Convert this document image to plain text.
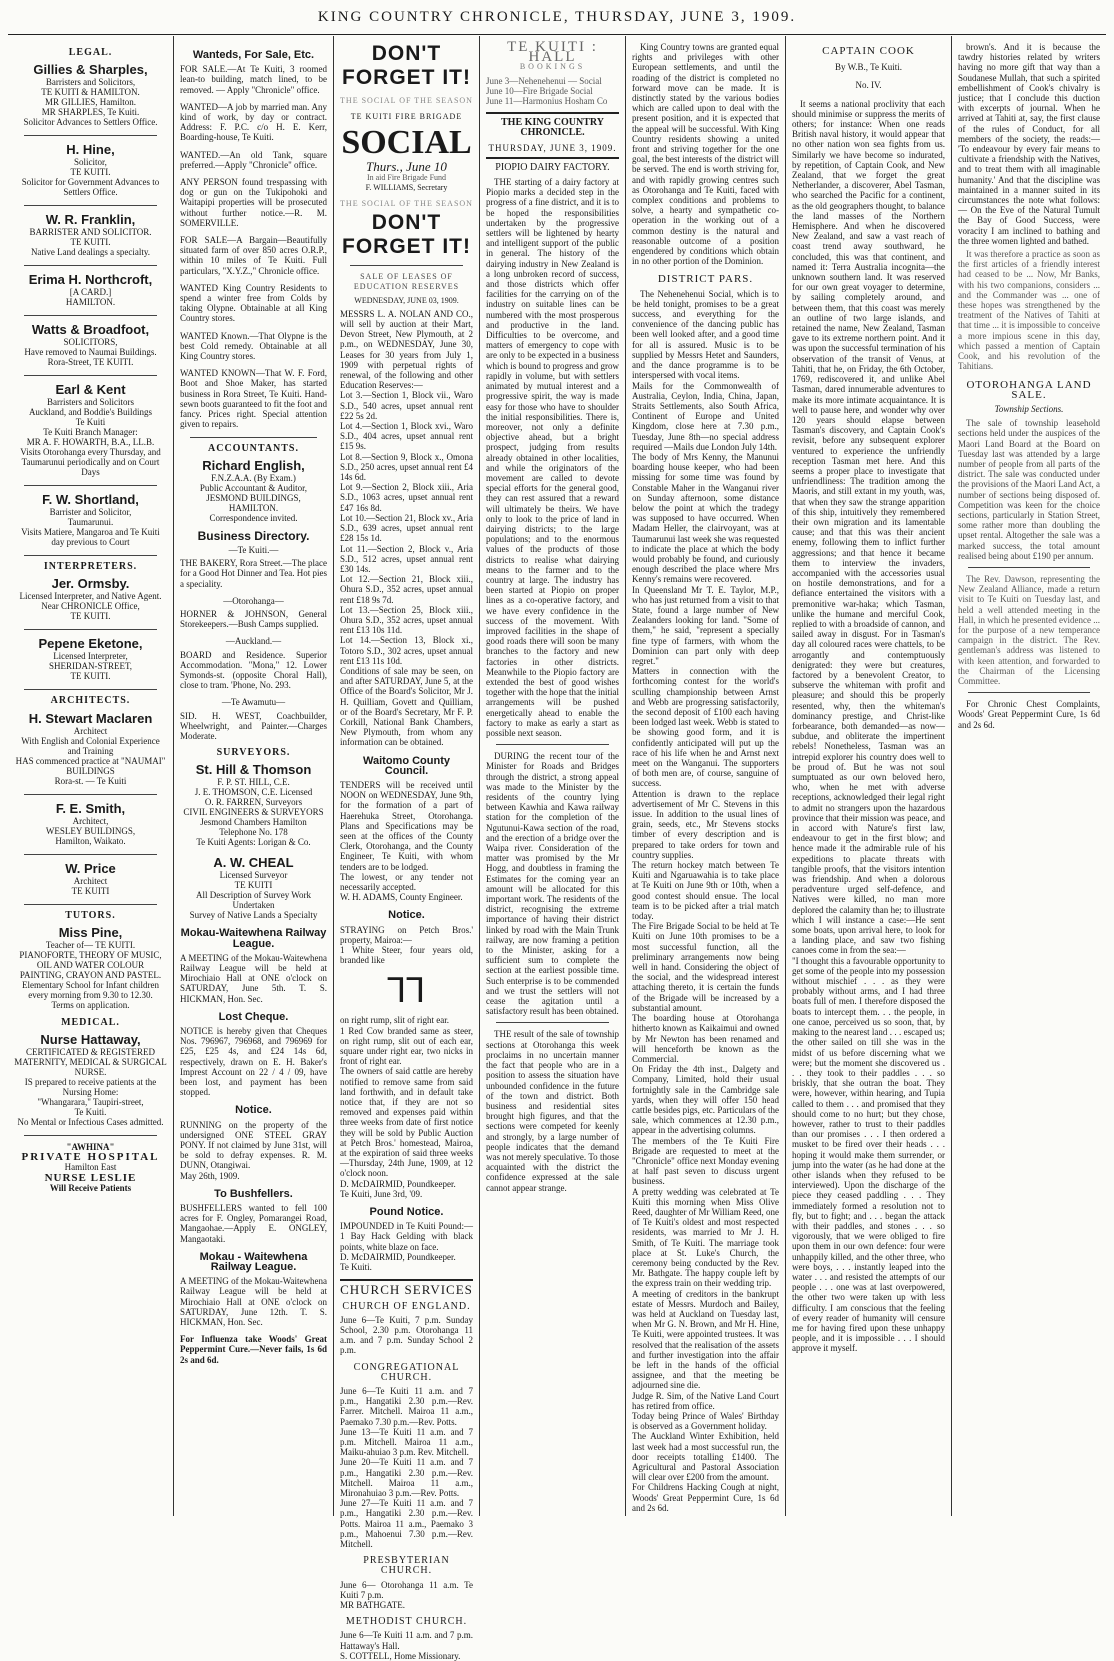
KING COUNTRY CHRONICLE, THURSDAY, JUNE 3, 1909.
LEGAL.
Gillies & Sharples,
Barristers and Solicitors,
TE KUITI & HAMILTON.
MR GILLIES, Hamilton.
MR SHARPLES, Te Kuiti.
Solicitor Advances to Settlers Office.
H. Hine,
Solicitor,
TE KUITI.
Solicitor for Government Advances to Settlers Office.
W. R. Franklin,
BARRISTER AND SOLICITOR.
TE KUITI.
Native Land dealings a specialty.
Erima H. Northcroft,
[A CARD.]
HAMILTON.
Watts & Broadfoot,
SOLICITORS,
Have removed to Naumai Buildings.
Rora-Street, TE KUITI.
Earl & Kent
Barristers and Solicitors
Auckland, and Boddie's Buildings
Te Kuiti
Te Kuiti Branch Manager:
MR A. F. HOWARTH, B.A., LL.B.
Visits Otorohanga every Thursday, and Taumarunui periodically and on Court Days
F. W. Shortland,
Barrister and Solicitor,
Taumarunui.
Visits Matiere, Mangaroa and Te Kuiti day previous to Court
INTERPRETERS.
Jer. Ormsby.
Licensed Interpreter, and Native Agent.
Near CHRONICLE Office,
TE KUITI.
Pepene Eketone,
Licensed Interpreter,
SHERIDAN-STREET,
TE KUITI.
ARCHITECTS.
H. Stewart Maclaren
Architect
With English and Colonial Experience and Training
HAS commenced practice at "NAUMAI" BUILDINGS
Rora-st. — Te Kuiti
F. E. Smith,
Architect,
WESLEY BUILDINGS,
Hamilton, Waikato.
W. Price
Architect
TE KUITI
TUTORS.
Miss Pine,
Teacher of— TE KUITI.
PIANOFORTE, THEORY OF MUSIC, OIL AND WATER COLOUR PAINTING, CRAYON AND PASTEL.
Elementary School for Infant children every morning from 9.30 to 12.30.
Terms on application.
MEDICAL.
Nurse Hattaway,
CERTIFICATED & REGISTERED
MATERNITY, MEDICAL & SURGICAL NURSE.
IS prepared to receive patients at the Nursing Home:
"Whangarara," Taupiri-street,
Te Kuiti.
No Mental or Infectious Cases admitted.
"AWHINA"
PRIVATE HOSPITAL
Hamilton East
NURSE LESLIE
Will Receive Patients
Wanteds, For Sale, Etc.
FOR SALE.—At Te Kuiti, 3 roomed lean-to building, match lined, to be removed. — Apply "Chronicle" office.
WANTED—A job by married man. Any kind of work, by day or contract. Address: F. P.C. c/o H. E. Kerr, Boarding-house, Te Kuiti.
WANTED.—An old Tank, square preferred.—Apply "Chronicle" office.
ANY PERSON found trespassing with dog or gun on the Tukipohoki and Waitapipi properties will be prosecuted without further notice.—R. M. SOMERVILLE.
FOR SALE—A Bargain—Beautifully situated farm of over 850 acres O.R.P., within 10 miles of Te Kuiti. Full particulars, "X.Y.Z.," Chronicle office.
WANTED King Country Residents to spend a winter free from Colds by taking Olypne. Obtainable at all King Country stores.
WANTED Known.—That Olypne is the best Cold remedy. Obtainable at all King Country stores.
WANTED KNOWN—That W. F. Ford, Boot and Shoe Maker, has started business in Rora Street, Te Kuiti. Hand-sewn boots guaranteed to fit the foot and fancy. Prices right. Special attention given to repairs.
ACCOUNTANTS.
Richard English,
F.N.Z.A.A. (By Exam.)
Public Accountant & Auditor,
JESMOND BUILDINGS,
HAMILTON.
Correspondence invited.
Business Directory.
—Te Kuiti.—
THE BAKERY, Rora Street.—The place for a Good Hot Dinner and Tea. Hot pies a speciality.
—Otorohanga—
HORNER & JOHNSON, General Storekeepers.—Bush Camps supplied.
—Auckland.—
BOARD and Residence. Superior Accommodation. "Mona," 12. Lower Symonds-st. (opposite Choral Hall), close to tram. 'Phone, No. 293.
—Te Awamutu—
SID. H. WEST, Coachbuilder, Wheelwright, and Painter.—Charges Moderate.
SURVEYORS.
St. Hill & Thomson
F. P. ST. HILL, C.E.
J. E. THOMSON, C.E. Licensed
O. R. FARREN, Surveyors
CIVIL ENGINEERS & SURVEYORS
Jesmond Chambers Hamilton
Telephone No. 178
Te Kuiti Agents: Lorigan & Co.
A. W. CHEAL
Licensed Surveyor
TE KUITI
All Description of Survey Work Undertaken
Survey of Native Lands a Specialty
Mokau-Waitewhena Railway League.
A MEETING of the Mokau-Waitewhena Railway League will be held at Mirochiaio Hall at ONE o'clock on SATURDAY, June 5th. T. S. HICKMAN, Hon. Sec.
Lost Cheque.
NOTICE is hereby given that Cheques Nos. 796967, 796968, and 796969 for £25, £25 4s, and £24 14s 6d, respectively, drawn on E. H. Baker's Imprest Account on 22 / 4 / 09, have been lost, and payment has been stopped.
Notice.
RUNNING on the property of the undersigned ONE STEEL GRAY PONY. If not claimed by June 31st, will be sold to defray expenses. R. M. DUNN, Otangiwai.
May 26th, 1909.
To Bushfellers.
BUSHFELLERS wanted to fell 100 acres for F. Ongley, Pomarangei Road, Mangaohae.—Apply E. ONGLEY, Mangaotaki.
Mokau - Waitewhena Railway League.
A MEETING of the Mokau-Waitewhena Railway League will be held at Mirochiaio Hall at ONE o'clock on SATURDAY, June 12th. T. S. HICKMAN, Hon. Sec.
For Influenza take Woods' Great Peppermint Cure.—Never fails, 1s 6d 2s and 6d.
DON'T FORGET IT!
THE SOCIAL OF THE SEASON
TE KUITI FIRE BRIGADE
SOCIAL
Thurs., June 10
In aid Fire Brigade Fund
F. WILLIAMS, Secretary
THE SOCIAL OF THE SEASON
DON'T FORGET IT!
SALE OF LEASES OF EDUCATION RESERVES
WEDNESDAY, JUNE 03, 1909.
MESSRS L. A. NOLAN AND CO., will sell by auction at their Mart, Devon Street, New Plymouth, at 2 p.m., on WEDNESDAY, June 30, Leases for 30 years from July 1, 1909 with perpetual rights of renewal, of the following and other Education Reserves:—
Lot 3.—Section 1, Block vii., Waro S.D., 540 acres, upset annual rent £22 5s 2d.
Lot 4.—Section 1, Block xvi., Waro S.D., 404 acres, upset annual rent £15 9s.
Lot 8.—Section 9, Block x., Omona S.D., 250 acres, upset annual rent £4 14s 6d.
Lot 9.—Section 2, Block xiii., Aria S.D., 1063 acres, upset annual rent £47 16s 8d.
Lot 10.—Section 21, Block xv., Aria S.D., 639 acres, upset annual rent £28 15s 1d.
Lot 11.—Section 2, Block v., Aria S.D., 512 acres, upset annual rent £30 14s.
Lot 12.—Section 21, Block xiii., Ohura S.D., 352 acres, upset annual rent £18 9s 7d.
Lot 13.—Section 25, Block xiii., Ohura S.D., 352 acres, upset annual rent £13 10s 11d.
Lot 14.—Section 13, Block xi., Totoro S.D., 302 acres, upset annual rent £13 11s 10d.
Conditions of sale may be seen, on and after SATURDAY, June 5, at the Office of the Board's Solicitor, Mr J. H. Quilliam, Govett and Quilliam, or of the Board's Secretary, Mr F. P. Corkill, National Bank Chambers, New Plymouth, from whom any information can be obtained.
Waitomo County Council.
TENDERS will be received until NOON on WEDNESDAY, June 9th, for the formation of a part of Haerehuka Street, Otorohanga. Plans and Specifications may be seen at the offices of the County Clerk, Otorohanga, and the County Engineer, Te Kuiti, with whom tenders are to be lodged.
The lowest, or any tender not necessarily accepted.
W. H. ADAMS, County Engineer.
Notice.
STRAYING on Petch Bros.' property, Mairoa:—
1 White Steer, four years old, branded like
⅂⅂
on right rump, slit of right ear.
1 Red Cow branded same as steer, on right rump, slit out of each ear, square under right ear, two nicks in front of right ear.
The owners of said cattle are hereby notified to remove same from said land forthwith, and in default take notice that, if they are not so removed and expenses paid within three weeks from date of first notice they will be sold by Public Auction at Petch Bros.' homestead, Mairoa, at the expiration of said three weeks—Thursday, 24th June, 1909, at 12 o'clock noon.
D. McDAIRMID, Poundkeeper.
Te Kuiti, June 3rd, '09.
Pound Notice.
IMPOUNDED in Te Kuiti Pound:— 1 Bay Hack Gelding with black points, white blaze on face.
D. McDAIRMID, Poundkeeper.
Te Kuiti.
CHURCH SERVICES
CHURCH OF ENGLAND.
June 6—Te Kuiti, 7 p.m. Sunday School, 2.30 p.m. Otorohanga 11 a.m. and 7 p.m. Sunday School 2 p.m.
CONGREGATIONAL CHURCH.
June 6—Te Kuiti 11 a.m. and 7 p.m., Hangatiki 2.30 p.m.—Rev. Farrer. Mitchell. Mairoa 11 a.m., Paemako 7.30 p.m.—Rev. Potts.
June 13—Te Kuiti 11 a.m. and 7 p.m. Mitchell. Mairoa 11 a.m., Maiku-ahuiao 3 p.m. Rev. Mitchell.
June 20—Te Kuiti 11 a.m. and 7 p.m., Hangatiki 2.30 p.m.—Rev. Mitchell. Mairoa 11 a.m., Mironahuiao 3 p.m.—Rev. Potts.
June 27—Te Kuiti 11 a.m. and 7 p.m., Hangatiki 2.30 p.m.—Rev. Potts. Mairoa 11 a.m., Paemako 3 p.m., Mahoenui 7.30 p.m.—Rev. Mitchell.
PRESBYTERIAN CHURCH.
June 6— Otorohanga 11 a.m. Te Kuiti 7 p.m.
MR BATHGATE.
METHODIST CHURCH.
June 6—Te Kuiti 11 a.m. and 7 p.m. Hattaway's Hall.
S. COTTELL, Home Missionary.
TE KUITI : HALL
BOOKINGS
June 3—Nehenehenui — Social
June 10—Fire Brigade Social
June 11—Harmonius Hosham Co
THE KING COUNTRY CHRONICLE.
THURSDAY, JUNE 3, 1909.
PIOPIO DAIRY FACTORY.
THE starting of a dairy factory at Piopio marks a decided step in the progress of a fine district, and it is to be hoped the responsibilities undertaken by the progressive settlers will be lightened by hearty and intelligent support of the public in general. The history of the dairying industry in New Zealand is a long unbroken record of success, and those districts which offer facilities for the carrying on of the industry on suitable lines can be numbered with the most prosperous and productive in the land. Difficulties to be overcome, and matters of emergency to cope with are only to be expected in a business which is bound to progress and grow rapidly in volume, but with settlers animated by mutual interest and a progressive spirit, the way is made easy for those who have to shoulder the initial responsibilities. There is, moreover, not only a definite objective ahead, but a bright prospect, judging from results already obtained in other localities, and while the originators of the movement are called to devote special efforts for the general good, they can rest assured that a reward will ultimately be theirs. We have only to look to the price of land in dairying districts; to the large populations; and to the enormous values of the products of those districts to realise what dairying means to the farmer and to the country at large. The industry has been started at Piopio on proper lines as a co-operative factory, and we have every confidence in the success of the movement. With improved facilities in the shape of good roads there will soon be many branches to the factory and new factories in other districts. Meanwhile to the Piopio factory are extended the best of good wishes together with the hope that the initial arrangements will be pushed energetically ahead to enable the factory to make as early a start as possible next season.
DURING the recent tour of the Minister for Roads and Bridges through the district, a strong appeal was made to the Minister by the residents of the country lying between Kawhia and Kawa railway station for the completion of the Ngutunui-Kawa section of the road, and the erection of a bridge over the Waipa river. Consideration of the matter was promised by the Mr Hogg, and doubtless in framing the Estimates for the coming year an amount will be allocated for this important work. The residents of the district, recognising the extreme importance of having their district linked by road with the Main Trunk railway, are now framing a petition to the Minister, asking for a sufficient sum to complete the section at the earliest possible time. Such enterprise is to be commended and we trust the settlers will not cease the agitation until a satisfactory result has been obtained.
THE result of the sale of township sections at Otorohanga this week proclaims in no uncertain manner the fact that people who are in a position to assess the situation have unbounded confidence in the future of the town and district. Both business and residential sites brought high figures, and that the sections were competed for keenly and strongly, by a large number of people indicates that the demand was not merely speculative. To those acquainted with the district the confidence expressed at the sale cannot appear strange.
King Country towns are granted equal rights and privileges with other European settlements, and until the roading of the district is completed no forward move can be made. It is distinctly stated by the various bodies which are called upon to deal with the present position, and it is expected that the appeal will be successful. With King Country residents showing a united front and striving together for the one goal, the best interests of the district will be served. The end is worth striving for, and with rapidly growing centres such as Otorohanga and Te Kuiti, faced with complex conditions and problems to solve, a hearty and sympathetic co-operation in the working out of a common destiny is the natural and reasonable outcome of a position engendered by conditions which obtain in no other portion of the Dominion.
DISTRICT PARS.
The Nehenehenui Social, which is to be held tonight, promises to be a great success, and everything for the convenience of the dancing public has been well looked after, and a good time for all is assured. Music is to be supplied by Messrs Hetet and Saunders, and the dance programme is to be interspersed with vocal items.
Mails for the Commonwealth of Australia, Ceylon, India, China, Japan, Straits Settlements, also South Africa, Continent of Europe and United Kingdom, close here at 7.30 p.m., Tuesday, June 8th—no special address required —Mails due London July 14th.
The body of Mrs Kenny, the Manunui boarding house keeper, who had been missing for some time was found by Constable Maher in the Wanganui river on Sunday afternoon, some distance below the point at which the tradegy was supposed to have occurred. When Madam Heller, the clairvoyant, was at Taumarunui last week she was requested to indicate the place at which the body would probably be found, and curiously enough described the place where Mrs Kenny's remains were recovered.
In Queensland Mr T. E. Taylor, M.P., who has just returned from a visit to that State, found a large number of New Zealanders looking for land. "Some of them," he said, "represent a specially fine type of farmers, with whom the Dominion can part only with deep regret."
Matters in connection with the forthcoming contest for the world's sculling championship between Arnst and Webb are progressing satisfactorily, the second deposit of £100 each having been lodged last week. Webb is stated to be showing good form, and it is confidently anticipated will put up the race of his life when he and Arnst next meet on the Wanganui. The supporters of both men are, of course, sanguine of success.
Attention is drawn to the replace advertisement of Mr C. Stevens in this issue. In addition to the usual lines of grain, seeds, etc., Mr Stevens stocks timber of every description and is prepared to take orders for town and country supplies.
The return hockey match between Te Kuiti and Ngaruawahia is to take place at Te Kuiti on June 9th or 10th, when a good contest should ensue. The local team is to be picked after a trial match today.
The Fire Brigade Social to be held at Te Kuiti on June 10th promises to be a most successful function, all the preliminary arrangements now being well in hand. Considering the object of the social, and the widespread interest attaching thereto, it is certain the funds of the Brigade will be increased by a substantial amount.
The boarding house at Otorohanga hitherto known as Kaikaimui and owned by Mr Newton has been renamed and will henceforth be known as the Commercial.
On Friday the 4th inst., Dalgety and Company, Limited, hold their usual fortnightly sale in the Cambridge sale yards, when they will offer 150 head cattle besides pigs, etc. Particulars of the sale, which commences at 12.30 p.m., appear in the advertising columns.
The members of the Te Kuiti Fire Brigade are requested to meet at the "Chronicle" office next Monday evening at half past seven to discuss urgent business.
A pretty wedding was celebrated at Te Kuiti this morning when Miss Olive Reed, daughter of Mr William Reed, one of Te Kuiti's oldest and most respected residents, was married to Mr J. H. Smith, of Te Kuiti. The marriage took place at St. Luke's Church, the ceremony being conducted by the Rev. Mr. Bathgate. The happy couple left by the express train on their wedding trip.
A meeting of creditors in the bankrupt estate of Messrs. Murdoch and Bailey, was held at Auckland on Tuesday last, when Mr G. N. Brown, and Mr H. Hine, Te Kuiti, were appointed trustees. It was resolved that the realisation of the assets and further investigation into the affair be left in the hands of the official assignee, and that the meeting be adjourned sine die.
Judge R. Sim, of the Native Land Court has retired from office.
Today being Prince of Wales' Birthday is observed as a Government holiday.
The Auckland Winter Exhibition, held last week had a most successful run, the door receipts totalling £1400. The Agricultural and Pastoral Association will clear over £200 from the amount.
For Childrens Hacking Cough at night, Woods' Great Peppermint Cure, 1s 6d and 2s 6d.
CAPTAIN COOK
By W.B., Te Kuiti.
No. IV.
It seems a national proclivity that each should minimise or suppress the merits of others; for instance: When one reads British naval history, it would appear that no other nation won sea fights from us. Similarly we have become so indurated, by repetition, of Captain Cook, and New Zealand, that we forget the great Netherlander, a discoverer, Abel Tasman, who searched the Pacific for a continent, as the old geographers thought, to balance the land masses of the Northern Hemisphere. And when he discovered New Zealand, and saw a vast reach of coast trend away southward, he concluded, this was that continent, and named it: Terra Australia incognita—the unknown southern land. It was reserved for our own great voyager to determine, by sailing completely around, and between them, that this coast was merely an outline of two large islands, and retained the name, New Zealand, Tasman gave to its extreme northern point. And it was upon the successful termination of his observation of the transit of Venus, at Tahiti, that he, on Friday, the 6th October, 1769, rediscovered it, and unlike Abel Tasman, dared innumerable adventures to make its more intimate acquaintance. It is well to pause here, and wonder why over 120 years should elapse between Tasman's discovery, and Captain Cook's revisit, before any subsequent explorer ventured to experience the unfriendly reception Tasman met here. And this seems a proper place to investigate that unfriendliness: The tradition among the Maoris, and still extant in my youth, was, that when they saw the strange apparition of this ship, intuitively they remembered their own migration and its lamentable cause; and that this was their ancient enemy, following them to inflict further aggressions; and that hence it became them to interview the invaders, accompanied with the accessories usual on hostile demonstrations, and for a defiance entertained the visitors with a premonitive war-haka; which Tasman, unlike the humane and merciful Cook, replied to with a broadside of cannon, and sailed away in disgust. For in Tasman's day all coloured races were chattels, to be arrogantly and contemptuously denigrated: they were but creatures, factored by a benevolent Creator, to subserve the whiteman with profit and pleasure; and should this be properly resented, why, then the whiteman's dominancy prestige, and Christ-like forbearance, both demanded—as now—subdue, and obliterate the impertinent rebels! Nonetheless, Tasman was an intrepid explorer his country does well to be proud of. But he was not soul sumptuated as our own beloved hero, who, when he met with adverse receptions, acknowledged their legal right to admit no strangers upon the hazardous province that their mission was peace, and in accord with Nature's first law, endeavour to get in the first blow; and hence made it the admirable rule of his expeditions to placate threats with tangible proofs, that the visitors intention was friendship. And when a dolorous peradventure urged self-defence, and Natives were killed, no man more deplored the calamity than he; to illustrate which I will instance a case:—He sent some boats, upon arrival here, to look for a landing place, and saw two fishing canoes come in from the sea:—
"I thought this a favourable opportunity to get some of the people into my possession without mischief . . . as they were probably without arms, and I had three boats full of men. I therefore disposed the boats to intercept them. . . the people, in one canoe, perceived us so soon, that, by making to the nearest land . . . escaped us; the other sailed on till she was in the midst of us before discerning what we were; but the moment she discovered us . . . they took to their paddles . . . so briskly, that she outran the boat. They were, however, within hearing, and Tupia called to them . . . and promised that they should come to no hurt; but they chose, however, rather to trust to their paddles than our promises . . . I then ordered a musket to be fired over their heads . . . hoping it would make them surrender, or jump into the water (as he had done at the other islands when they refused to be interviewed). Upon the discharge of the piece they ceased paddling . . . They immediately formed a resolution not to fly, but to fight; and . . . began the attack with their paddles, and stones . . . so vigorously, that we were obliged to fire upon them in our own defence: four were unhappily killed, and the other three, who were boys, . . . instantly leaped into the water . . . and resisted the attempts of our people . . . one was at last overpowered, the other two were taken up with less difficulty. I am conscious that the feeling of every reader of humanity will censure me for having fired upon these unhappy people, and it is impossible . . . I should approve it myself.
brown's. And it is because the tawdry histories related by writers having no more gift that way than a Soudanese Mullah, that such a spirited embellishment of Cook's chivalry is justice; that I conclude this duction with excerpts of journal. When he arrived at Tahiti at, say, the first clause of the rules of Conduct, for all members of the society, the reads:— 'To endeavour by every fair means to cultivate a friendship with the Natives, and to treat them with all imaginable humanity.' And that the discipline was maintained in a manner suited in its circumstances the note what follows:— On the Eve of the Natural Tumult the Bay of Good Success, were voracity I am inclined to bathing and the three women lighted and bathed.
It was therefore a practice as soon as the first articles of a friendly interest had ceased to be ... Now, Mr Banks, with his two companions, considers ... and the Commander was ... one of these hopes was strengthened by the treatment of the Natives of Tahiti at that time ... it is impossible to conceive a more impious scene in this day, which passed a mention of Captain Cook, and his revolution of the Tahitians.
OTOROHANGA LAND SALE.
Township Sections.
The sale of township leasehold sections held under the auspices of the Maori Land Board at the Board on Tuesday last was attended by a large number of people from all parts of the district. The sale was conducted under the provisions of the Maori Land Act, a number of sections being disposed of. Competition was keen for the choice sections, particularly in Station Street, some rather more than doubling the upset rental. Altogether the sale was a marked success, the total amount realised being about £190 per annum.
The Rev. Dawson, representing the New Zealand Alliance, made a return visit to Te Kuiti on Tuesday last, and held a well attended meeting in the Hall, in which he presented evidence ... for the purpose of a new temperance campaign in the district. The Rev. gentleman's address was listened to with keen attention, and forwarded to the Chairman of the Licensing Committee.
For Chronic Chest Complaints, Woods' Great Peppermint Cure, 1s 6d and 2s 6d.
